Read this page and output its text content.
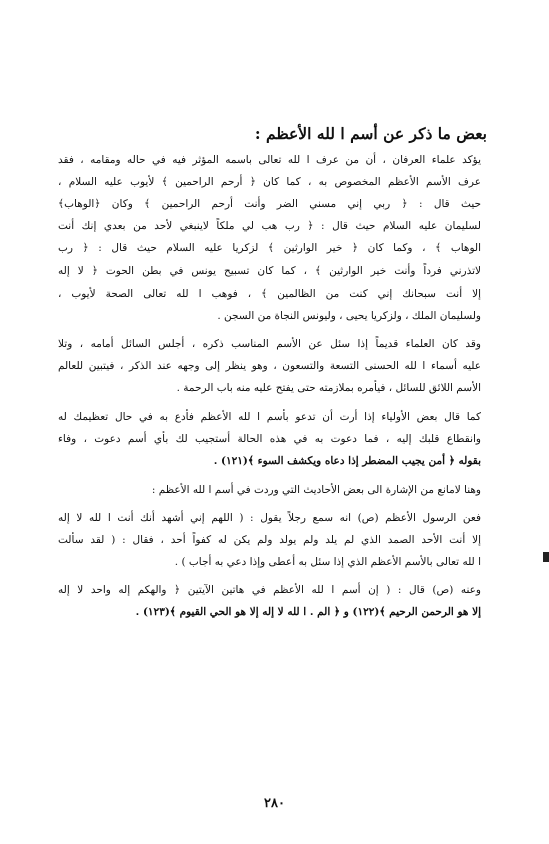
بعض ما ذكر عن أسم ا لله الأعظم :
يؤكد علماء العرفان ، أن من عرف ا لله تعالى باسمه المؤثر فيه في حاله ومقامه ، فقد
عرف الأسم الأعظم المخصوص به ، كما كان ﴿ أرحم الراحمين ﴾ لأيوب عليه السلام ،
حيث قال : ﴿ ربي إني مسني الضر وأنت أرحم الراحمين ﴾ وكان ﴿الوهاب﴾
لسليمان عليه السلام حيث قال : ﴿ رب هب لي ملكاً لاينبغي لأحد من بعدي إنك أنت
الوهاب ﴾ ، وكما كان ﴿ خير الوارثين ﴾ لزكريا عليه السلام حيث قال : ﴿ رب
لاتذرني فرداً وأنت خير الوارثين ﴾ ، كما كان تسبيح يونس في بطن الحوت ﴿ لا إله
إلا أنت سبحانك إني كنت من الظالمين ﴾ ، فوهب ا لله تعالى الصحة لأيوب ،
ولسليمان الملك ، ولزكريا يحيى ، وليونس النجاة من السجن .
وقد كان العلماء قديماً إذا سئل عن الأسم المناسب ذكره ، أجلس السائل أمامه ، وتلا
عليه أسماء ا لله الحسنى التسعة والتسعون ، وهو ينظر إلى وجهه عند الذكر ، فيتبين للعالم
الأسم اللائق للسائل ، فيأمره بملازمته حتى يفتح عليه منه باب الرحمة .
كما قال بعض الأولياء إذا أرت أن تدعو بأسم ا لله الأعظم فأدع به في حال تعظيمك له
وانقطاع قلبك إليه ، فما دعوت به في هذه الحالة أستجيب لك بأي أسم دعوت ، وفاء
بقوله ﴿ أمن يجيب المضطر إذا دعاه ويكشف السوء ﴾(١٢١) .
وهنا لامانع من الإشارة الى بعض الأحاديث التي وردت في أسم ا لله الأعظم :
فعن الرسول الأعظم (ص) انه سمع رجلاً يقول : ( اللهم إني أشهد أنك أنت ا لله لا إله
إلا أنت الأحد الصمد الذي لم يلد ولم يولد ولم يكن له كفواً أحد ، فقال : ( لقد سألت
ا لله تعالى بالأسم الأعظم الذي إذا سئل به أعطى وإذا دعي به أجاب ) .
وعنه (ص) قال : ( إن أسم ا لله الأعظم في هاتين الآيتين ﴿ والهكم إله واحد لا إله
إلا هو الرحمن الرحيم ﴾(١٢٢) و ﴿ الم . ا لله لا إله إلا هو الحي القيوم ﴾(١٢٣) .
٢٨٠
